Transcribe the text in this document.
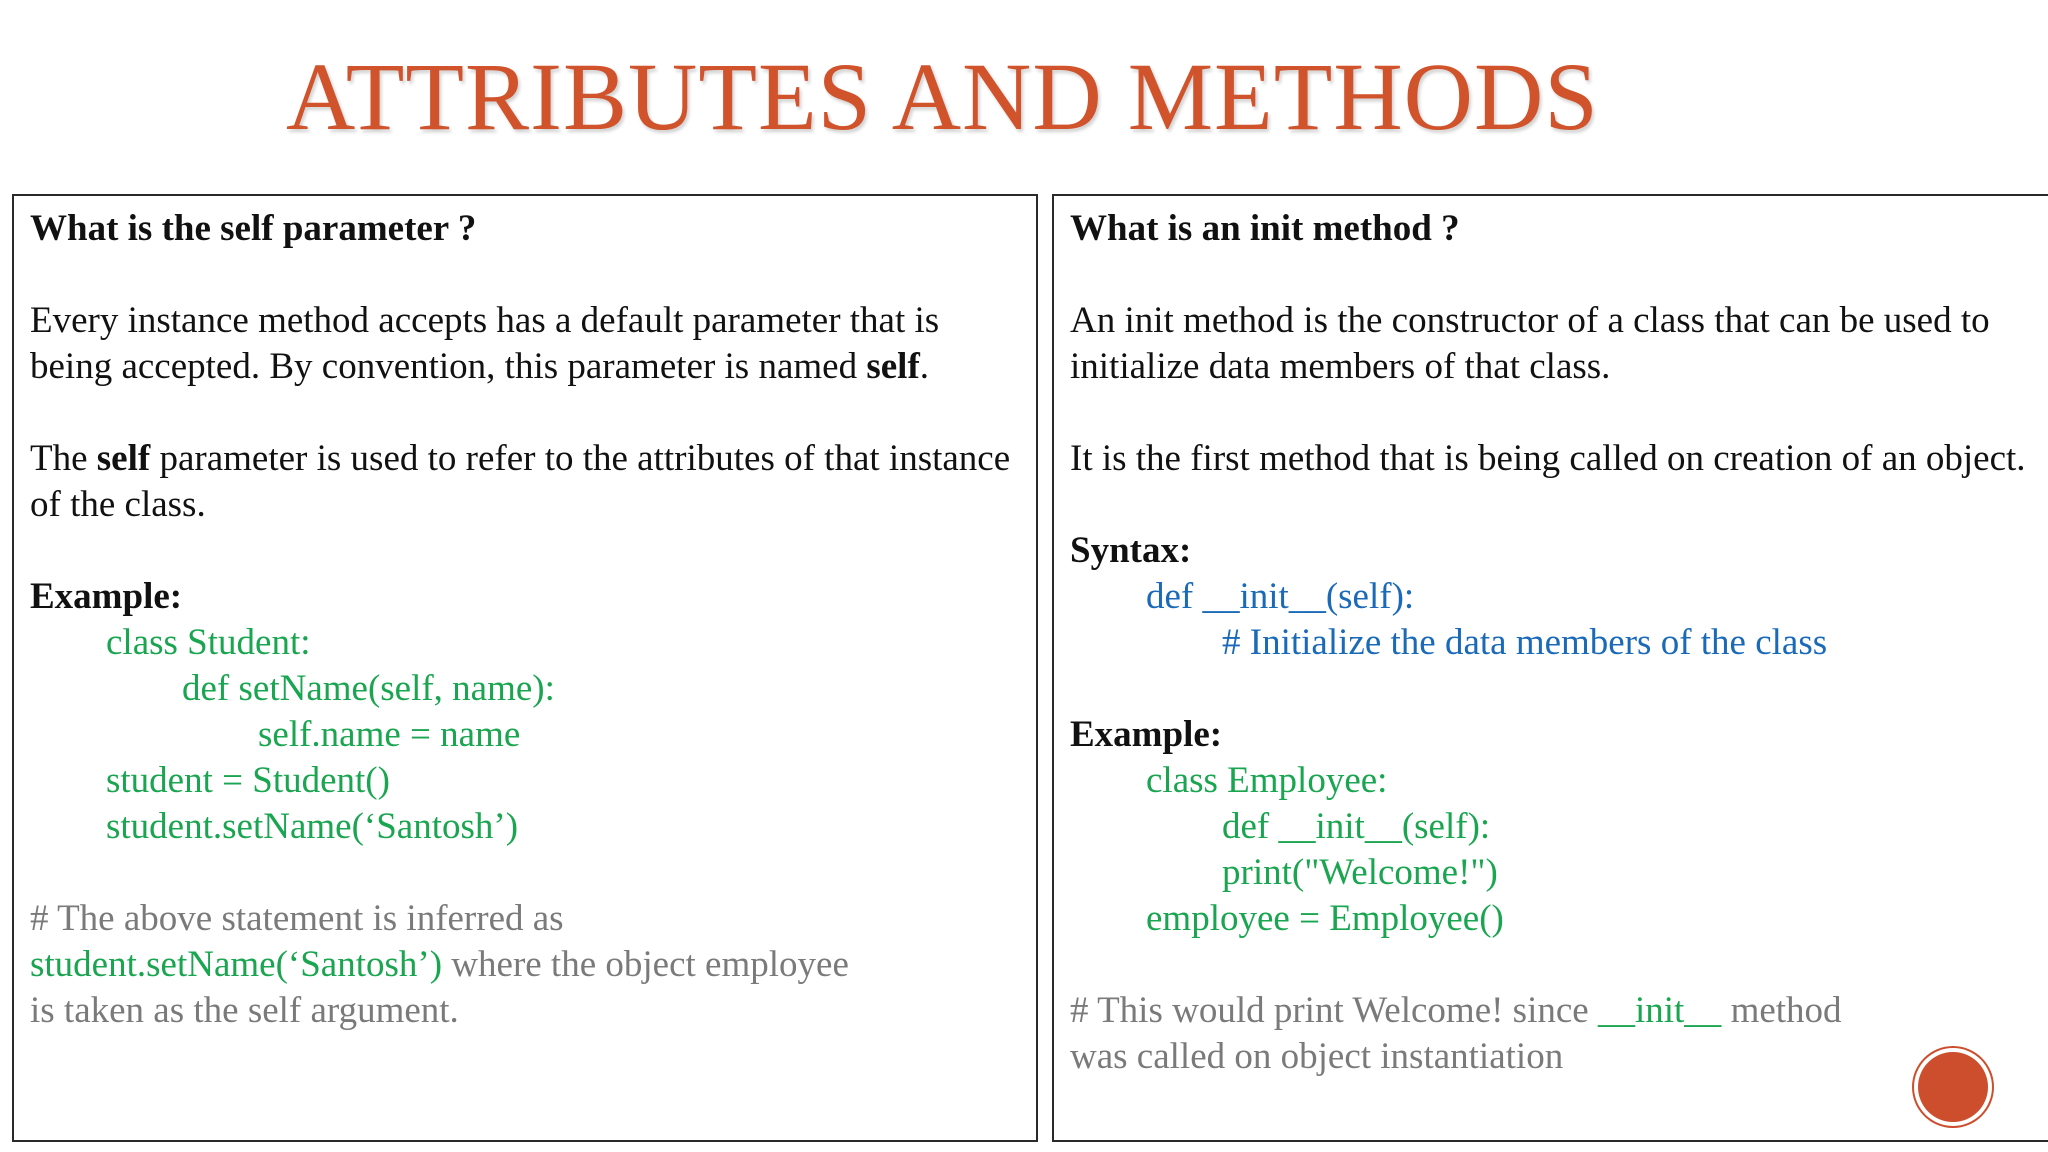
ATTRIBUTES AND METHODS

What is the self parameter ?

Every instance method accepts has a default parameter that is being accepted. By convention, this parameter is named self.

The self parameter is used to refer to the attributes of that instance of the class.

Example:

class Student:

def setName(self, name):

self.name = name

student = Student()

student.setName(‘Santosh’)

# The above statement is inferred as

student.setName(‘Santosh’) where the object employee

is taken as the self argument.

What is an init method ?

An init method is the constructor of a class that can be used to initialize data members of that class.

It is the first method that is being called on creation of an object.

Syntax:

def __init__(self):

# Initialize the data members of the class

Example:

class Employee:

def __init__(self):

print("Welcome!")

employee = Employee()

# This would print Welcome! since __init__ method

was called on object instantiation
